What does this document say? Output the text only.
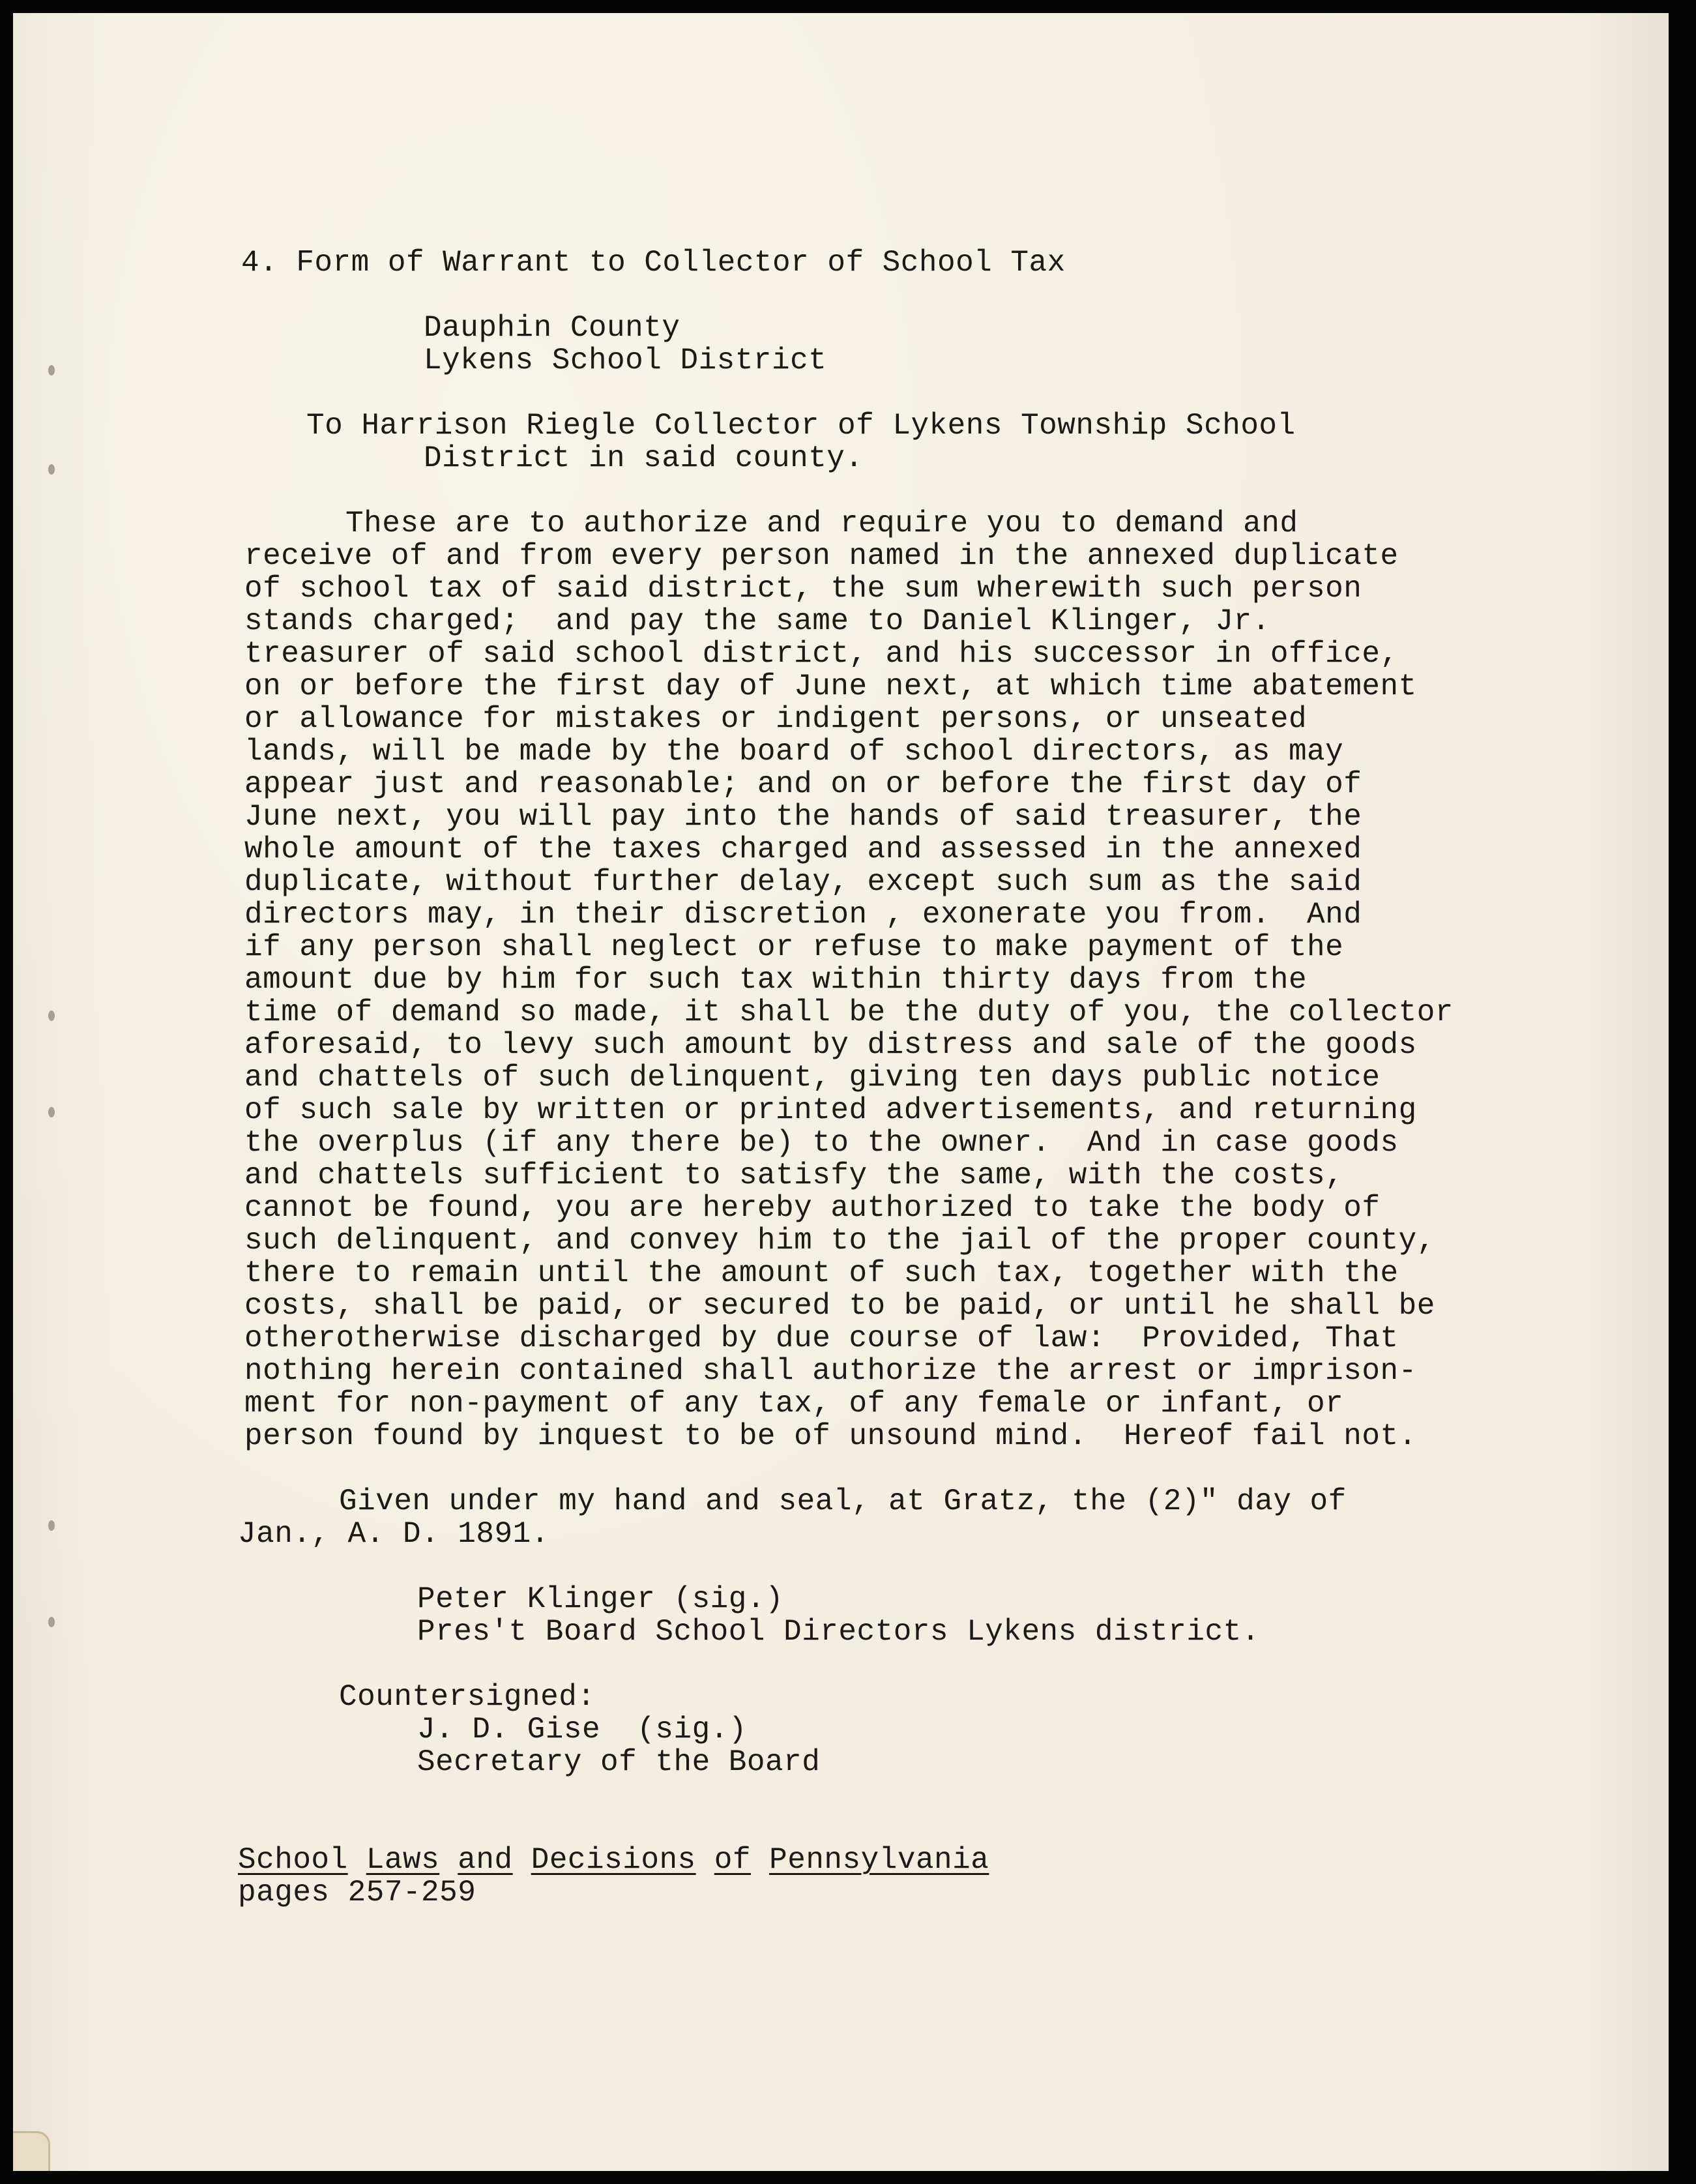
4. Form of Warrant to Collector of School Tax

Dauphin County

Lykens School District

To Harrison Riegle Collector of Lykens Township School

District in said county.

These are to authorize and require you to demand and

receive of and from every person named in the annexed duplicate

of school tax of said district, the sum wherewith such person

stands charged;  and pay the same to Daniel Klinger, Jr.

treasurer of said school district, and his successor in office,

on or before the first day of June next, at which time abatement

or allowance for mistakes or indigent persons, or unseated

lands, will be made by the board of school directors, as may

appear just and reasonable; and on or before the first day of

June next, you will pay into the hands of said treasurer, the

whole amount of the taxes charged and assessed in the annexed

duplicate, without further delay, except such sum as the said

directors may, in their discretion , exonerate you from.  And

if any person shall neglect or refuse to make payment of the

amount due by him for such tax within thirty days from the

time of demand so made, it shall be the duty of you, the collector

aforesaid, to levy such amount by distress and sale of the goods

and chattels of such delinquent, giving ten days public notice

of such sale by written or printed advertisements, and returning

the overplus (if any there be) to the owner.  And in case goods

and chattels sufficient to satisfy the same, with the costs,

cannot be found, you are hereby authorized to take the body of

such delinquent, and convey him to the jail of the proper county,

there to remain until the amount of such tax, together with the

costs, shall be paid, or secured to be paid, or until he shall be

otherotherwise discharged by due course of law:  Provided, That

nothing herein contained shall authorize the arrest or imprison-

ment for non-payment of any tax, of any female or infant, or

person found by inquest to be of unsound mind.  Hereof fail not.

Given under my hand and seal, at Gratz, the (2)" day of

Jan., A. D. 1891.

Peter Klinger (sig.)

Pres't Board School Directors Lykens district.

Countersigned:

J. D. Gise  (sig.)

Secretary of the Board

School Laws and Decisions of Pennsylvania

pages 257-259
